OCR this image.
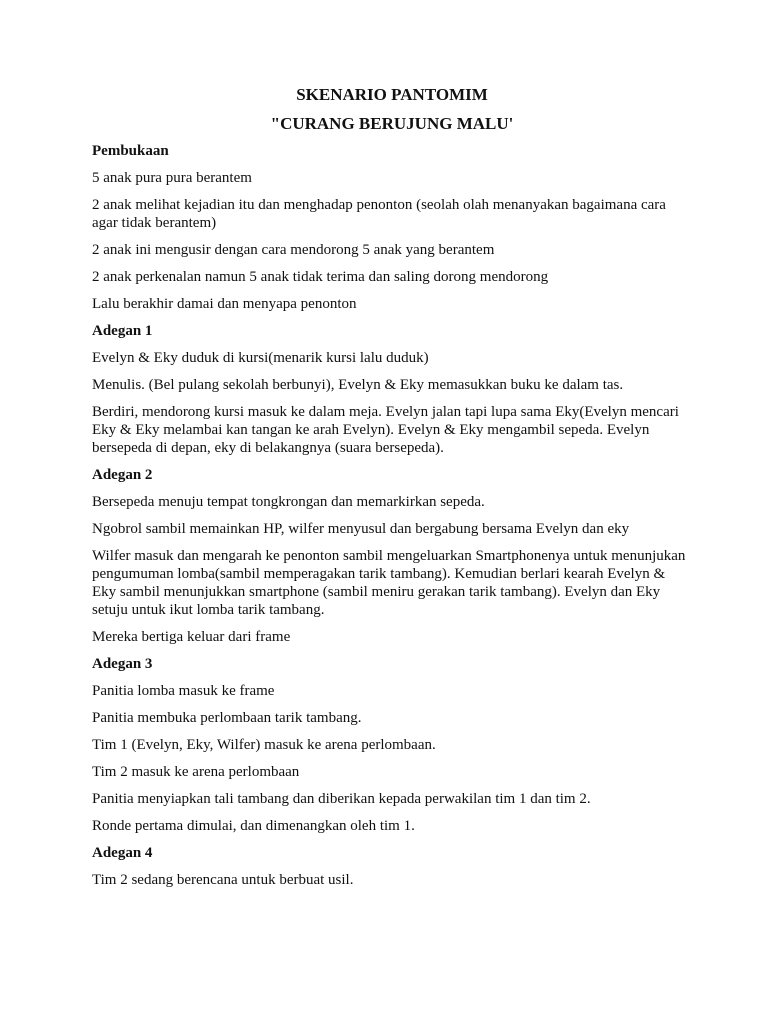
SKENARIO PANTOMIM
"CURANG BERUJUNG MALU'
Pembukaan
5 anak pura pura berantem
2 anak melihat kejadian itu dan menghadap penonton (seolah olah menanyakan bagaimana cara agar tidak berantem)
2 anak ini mengusir dengan cara mendorong 5 anak yang berantem
2 anak perkenalan namun 5 anak tidak terima dan saling dorong mendorong
Lalu berakhir damai dan menyapa penonton
Adegan 1
Evelyn & Eky duduk di kursi(menarik kursi lalu duduk)
Menulis. (Bel pulang sekolah berbunyi), Evelyn & Eky memasukkan buku ke dalam tas.
Berdiri, mendorong kursi masuk ke dalam meja. Evelyn jalan tapi lupa sama Eky(Evelyn mencari Eky & Eky melambai kan tangan ke arah Evelyn). Evelyn & Eky mengambil sepeda. Evelyn bersepeda di depan, eky di belakangnya (suara bersepeda).
Adegan 2
Bersepeda menuju tempat tongkrongan dan memarkirkan sepeda.
Ngobrol sambil memainkan HP, wilfer menyusul dan bergabung bersama Evelyn dan eky
Wilfer masuk dan mengarah ke penonton sambil mengeluarkan Smartphonenya untuk menunjukan pengumuman lomba(sambil memperagakan tarik tambang). Kemudian berlari kearah Evelyn & Eky sambil menunjukkan smartphone (sambil meniru gerakan tarik tambang). Evelyn dan Eky setuju untuk ikut lomba tarik tambang.
Mereka bertiga keluar dari frame
Adegan 3
Panitia lomba masuk ke frame
Panitia membuka perlombaan tarik tambang.
Tim 1 (Evelyn, Eky, Wilfer) masuk ke arena perlombaan.
Tim 2 masuk ke arena perlombaan
Panitia menyiapkan tali tambang dan diberikan kepada perwakilan tim 1 dan tim 2.
Ronde pertama dimulai, dan dimenangkan oleh tim 1.
Adegan 4
Tim 2 sedang berencana untuk berbuat usil.
